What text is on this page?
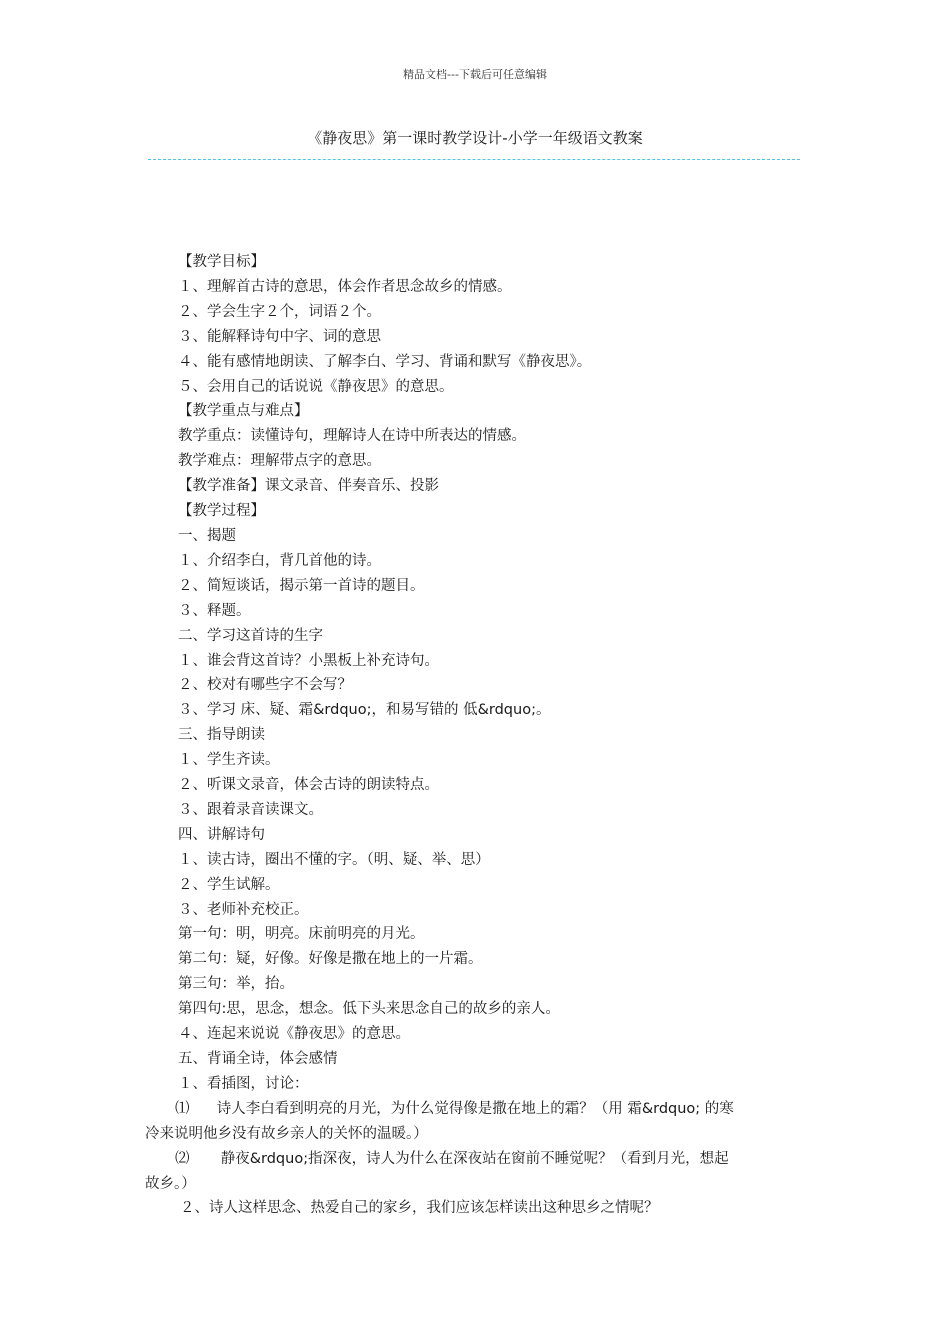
精品文档---下载后可任意编辑
《静夜思》第一课时教学设计-小学一年级语文教案
【教学目标】
１、理解首古诗的意思，体会作者思念故乡的情感。
２、学会生字２个，词语２个。
３、能解释诗句中字、词的意思
４、能有感情地朗读、了解李白、学习、背诵和默写《静夜思》。
５、会用自己的话说说《静夜思》的意思。
【教学重点与难点】
教学重点：读懂诗句，理解诗人在诗中所表达的情感。
教学难点：理解带点字的意思。
【教学准备】课文录音、伴奏音乐、投影
【教学过程】
一、揭题
１、介绍李白，背几首他的诗。
２、简短谈话，揭示第一首诗的题目。
３、释题。
二、学习这首诗的生字
１、谁会背这首诗？小黑板上补充诗句。
２、校对有哪些字不会写？
３、学习 床、疑、霜&rdquo;，和易写错的 低&rdquo;。
三、指导朗读
１、学生齐读。
２、听课文录音，体会古诗的朗读特点。
３、跟着录音读课文。
四、讲解诗句
１、读古诗，圈出不懂的字。（明、疑、举、思）
２、学生试解。
３、老师补充校正。
第一句：明，明亮。床前明亮的月光。
第二句：疑，好像。好像是撒在地上的一片霜。
第三句：举，抬。
第四句:思，思念，想念。低下头来思念自己的故乡的亲人。
４、连起来说说《静夜思》的意思。
五、背诵全诗，体会感情
１、看插图，讨论：
⑴ 诗人李白看到明亮的月光，为什么觉得像是撒在地上的霜？（用 霜&rdquo; 的寒
冷来说明他乡没有故乡亲人的关怀的温暖。）
⑵ 静夜&rdquo;指深夜，诗人为什么在深夜站在窗前不睡觉呢？（看到月光，想起
故乡。）
２、诗人这样思念、热爱自己的家乡，我们应该怎样读出这种思乡之情呢？
